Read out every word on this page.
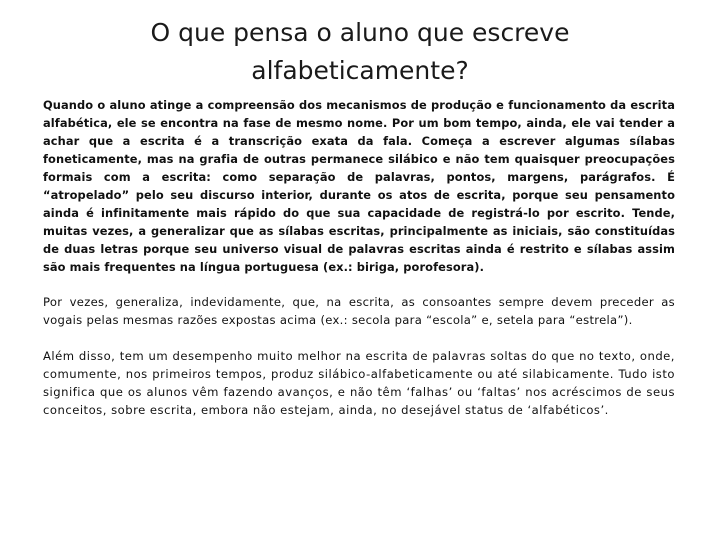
O que pensa o aluno que escreve alfabeticamente?

Quando o aluno atinge a compreensão dos mecanismos de produção e funcionamento da escrita alfabética, ele se encontra na fase de mesmo nome. Por um bom tempo, ainda, ele vai tender a achar que a escrita é a transcrição exata da fala. Começa a escrever algumas sílabas foneticamente, mas na grafia de outras permanece silábico e não tem quaisquer preocupações formais com a escrita: como separação de palavras, pontos, margens, parágrafos. É “atropelado” pelo seu discurso interior, durante os atos de escrita, porque seu pensamento ainda é infinitamente mais rápido do que sua capacidade de registrá-lo por escrito. Tende, muitas vezes, a generalizar que as sílabas escritas, principalmente as iniciais, são constituídas de duas letras porque seu universo visual de palavras escritas ainda é restrito e sílabas assim são mais frequentes na língua portuguesa (ex.: biriga, porofesora).

Por vezes, generaliza, indevidamente, que, na escrita, as consoantes sempre devem preceder as vogais pelas mesmas razões expostas acima (ex.: secola para “escola” e, setela para “estrela”).

Além disso, tem um desempenho muito melhor na escrita de palavras soltas do que no texto, onde, comumente, nos primeiros tempos, produz silábico-alfabeticamente ou até silabicamente. Tudo isto significa que os alunos vêm fazendo avanços, e não têm ‘falhas’ ou ‘faltas’ nos acréscimos de seus conceitos, sobre escrita, embora não estejam, ainda, no desejável status de ‘alfabéticos’.
